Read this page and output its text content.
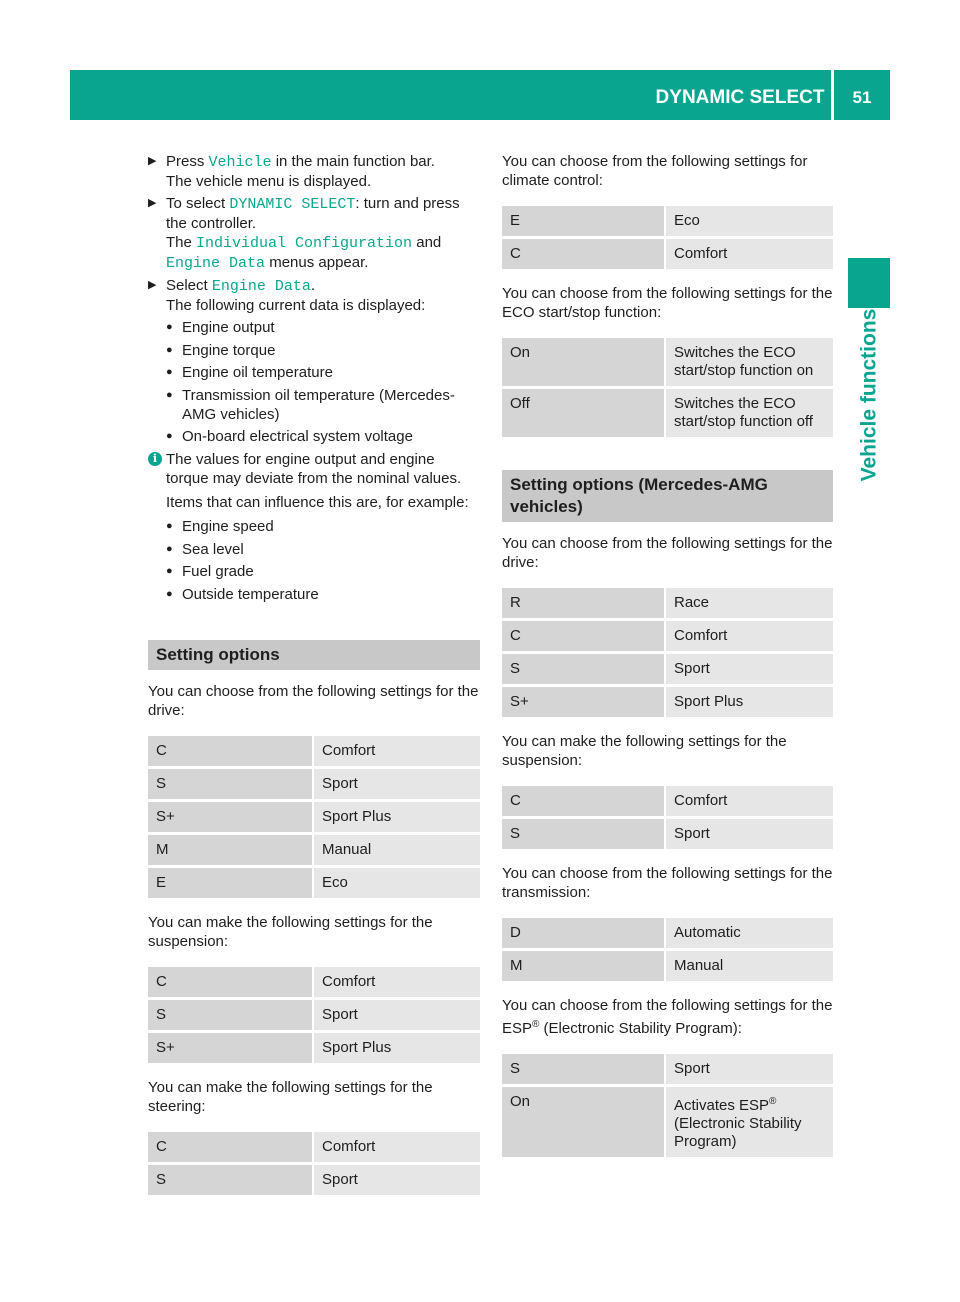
DYNAMIC SELECT	51
Vehicle functions
▶ Press Vehicle in the main function bar.

The vehicle menu is displayed.

▶ To select DYNAMIC SELECT: turn and press the controller.

The Individual Configuration and Engine Data menus appear.

▶ Select Engine Data.

The following current data is displayed:

● Engine output
● Engine torque
● Engine oil temperature
● Transmission oil temperature (Mercedes-AMG vehicles)
● On-board electrical system voltage
i The values for engine output and engine torque may deviate from the nominal values.

Items that can influence this are, for example:

● Engine speed
● Sea level
● Fuel grade
● Outside temperature
Setting options

You can choose from the following settings for the drive:

C	Comfort
S	Sport
S+	Sport Plus
M	Manual
E	Eco

You can make the following settings for the suspension:

C	Comfort
S	Sport
S+	Sport Plus

You can make the following settings for the steering:

C	Comfort
S	Sport

You can choose from the following settings for climate control:

E	Eco
C	Comfort

You can choose from the following settings for the ECO start/stop function:

On	Switches the ECO start/stop function on
Off	Switches the ECO start/stop function off
Setting options (Mercedes-AMG vehicles)

You can choose from the following settings for the drive:

R	Race
C	Comfort
S	Sport
S+	Sport Plus

You can make the following settings for the suspension:

C	Comfort
S	Sport

You can choose from the following settings for the transmission:

D	Automatic
M	Manual

You can choose from the following settings for the ESP® (Electronic Stability Program):

S	Sport
On	Activates ESP® (Electronic Stability Program)
